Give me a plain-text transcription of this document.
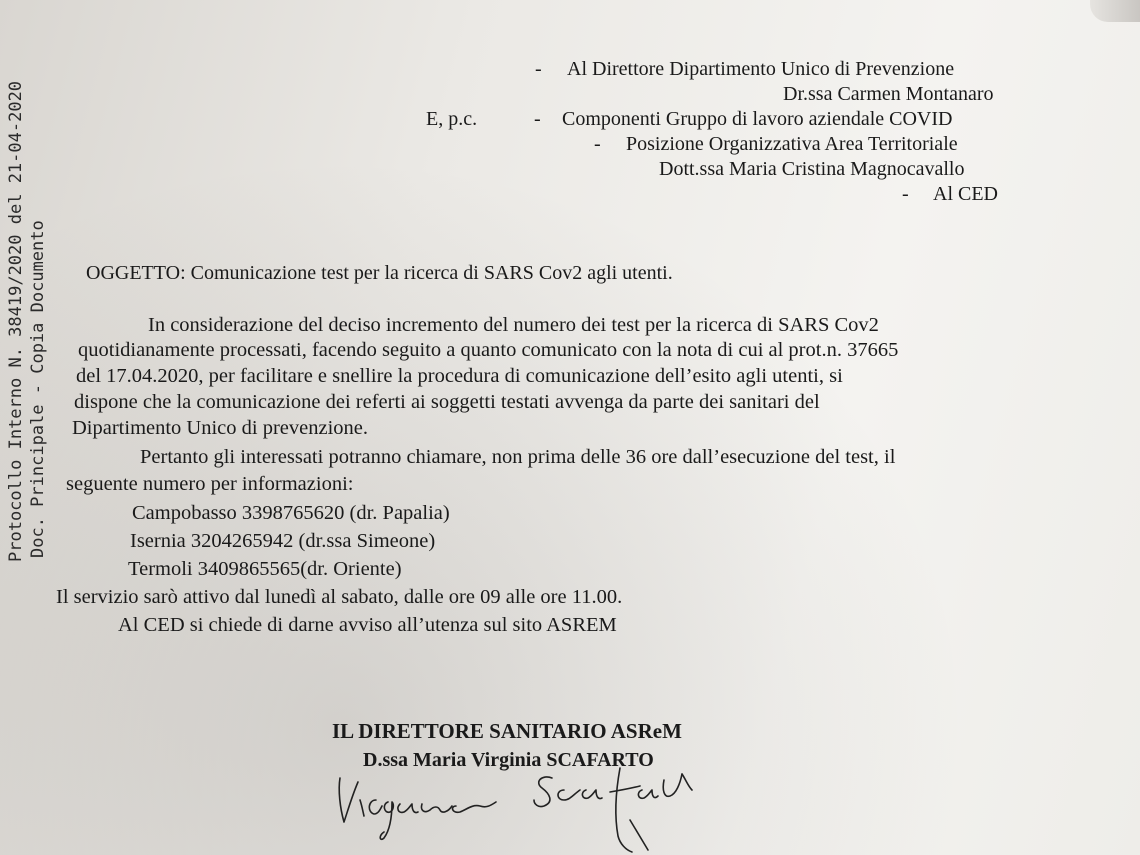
Protocollo Interno N. 38419/2020 del 21-04-2020 Doc. Principale - Copia Documento
- Al Direttore Dipartimento Unico di Prevenzione
Dr.ssa Carmen Montanaro
E, p.c.	- Componenti Gruppo di lavoro aziendale COVID
- Posizione Organizzativa Area Territoriale
Dott.ssa Maria Cristina Magnocavallo
- Al CED
OGGETTO: Comunicazione test per la ricerca di SARS Cov2 agli utenti.
In considerazione del deciso incremento del numero dei test per la ricerca di SARS Cov2
quotidianamente processati, facendo seguito a quanto comunicato con la nota di cui al prot.n. 37665
del 17.04.2020, per facilitare e snellire la procedura di comunicazione dell’esito agli utenti, si
dispone che la comunicazione dei referti ai soggetti testati avvenga da parte dei sanitari del
Dipartimento Unico di prevenzione.
Pertanto gli interessati potranno chiamare, non prima delle 36 ore dall’esecuzione del test, il
seguente numero per informazioni:
Campobasso 3398765620 (dr. Papalia)
Isernia 3204265942 (dr.ssa Simeone)
Termoli 3409865565(dr. Oriente)
Il servizio sarò attivo dal lunedì al sabato, dalle ore 09 alle ore 11.00.
Al CED si chiede di darne avviso all’utenza sul sito ASREM
IL DIRETTORE SANITARIO ASReM
D.ssa Maria Virginia SCAFARTO
